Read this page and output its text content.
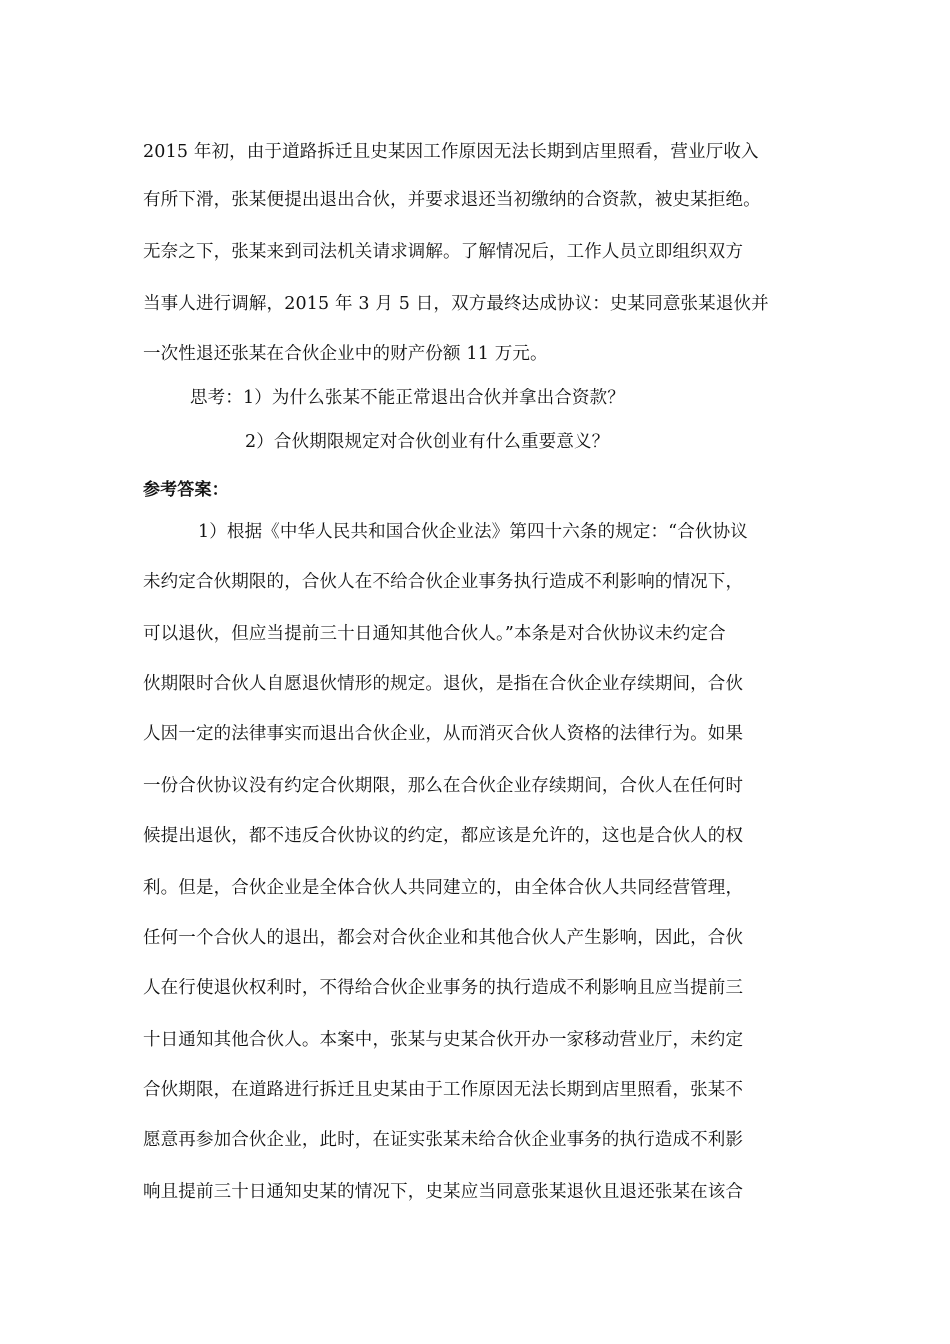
2015 年初，由于道路拆迁且史某因工作原因无法长期到店里照看，营业厅收入
有所下滑，张某便提出退出合伙，并要求退还当初缴纳的合资款，被史某拒绝。
无奈之下，张某来到司法机关请求调解。了解情况后，工作人员立即组织双方
当事人进行调解，2015 年 3 月 5 日，双方最终达成协议：史某同意张某退伙并
一次性退还张某在合伙企业中的财产份额 11 万元。
思考：1）为什么张某不能正常退出合伙并拿出合资款？
2）合伙期限规定对合伙创业有什么重要意义？
参考答案：
1）根据《中华人民共和国合伙企业法》第四十六条的规定：“合伙协议
未约定合伙期限的，合伙人在不给合伙企业事务执行造成不利影响的情况下，
可以退伙，但应当提前三十日通知其他合伙人。”本条是对合伙协议未约定合
伙期限时合伙人自愿退伙情形的规定。退伙，是指在合伙企业存续期间，合伙
人因一定的法律事实而退出合伙企业，从而消灭合伙人资格的法律行为。如果
一份合伙协议没有约定合伙期限，那么在合伙企业存续期间，合伙人在任何时
候提出退伙，都不违反合伙协议的约定，都应该是允许的，这也是合伙人的权
利。但是，合伙企业是全体合伙人共同建立的，由全体合伙人共同经营管理，
任何一个合伙人的退出，都会对合伙企业和其他合伙人产生影响，因此，合伙
人在行使退伙权利时，不得给合伙企业事务的执行造成不利影响且应当提前三
十日通知其他合伙人。本案中，张某与史某合伙开办一家移动营业厅，未约定
合伙期限，在道路进行拆迁且史某由于工作原因无法长期到店里照看，张某不
愿意再参加合伙企业，此时，在证实张某未给合伙企业事务的执行造成不利影
响且提前三十日通知史某的情况下，史某应当同意张某退伙且退还张某在该合
